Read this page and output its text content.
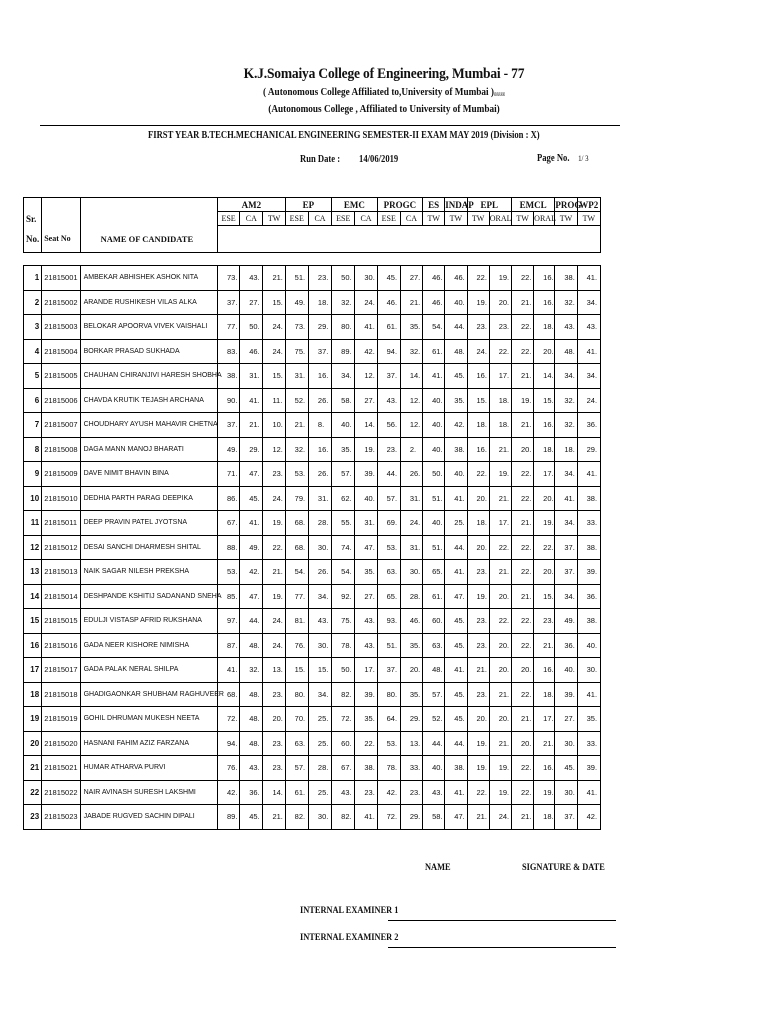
K.J.Somaiya College of Engineering, Mumbai - 77
( Autonomous College Affiliated to,University of Mumbai )ggggg
(Autonomous College , Affiliated to University of Mumbai)
FIRST YEAR B.TECH.MECHANICAL ENGINEERING SEMESTER-II EXAM MAY 2019 (Division : X)
Run Date : 14/06/2019	Page No. 1/ 3
			AM2			EP		EMC		PROGC		ES	INDAP	EPL		EMCL		PROG	WP2
Sr.			ESE	CA	TW	ESE	CA	ESE	CA	ESE	CA	TW	TW	TW	ORAL	TW	ORAL	TW	TW
No.	Seat No	NAME OF CANDIDATE																	

1	21815001	AMBEKAR ABHISHEK ASHOK NITA	73.	43.	21.	51.	23.	50.	30.	45.	27.	46.	46.	22.	19.	22.	16.	38.	41.
2	21815002	ARANDE RUSHIKESH VILAS ALKA	37.	27.	15.	49.	18.	32.	24.	46.	21.	46.	40.	19.	20.	21.	16.	32.	34.
3	21815003	BELOKAR APOORVA VIVEK VAISHALI	77.	50.	24.	73.	29.	80.	41.	61.	35.	54.	44.	23.	23.	22.	18.	43.	43.
4	21815004	BORKAR PRASAD SUKHADA	83.	46.	24.	75.	37.	89.	42.	94.	32.	61.	48.	24.	22.	22.	20.	48.	41.
5	21815005	CHAUHAN CHIRANJIVI HARESH SHOBHA	38.	31.	15.	31.	16.	34.	12.	37.	14.	41.	45.	16.	17.	21.	14.	34.	34.
6	21815006	CHAVDA KRUTIK TEJASH ARCHANA	90.	41.	11.	52.	26.	58.	27.	43.	12.	40.	35.	15.	18.	19.	15.	32.	24.
7	21815007	CHOUDHARY AYUSH MAHAVIR CHETNA	37.	21.	10.	21.	8.	40.	14.	56.	12.	40.	42.	18.	18.	21.	16.	32.	36.
8	21815008	DAGA MANN MANOJ BHARATI	49.	29.	12.	32.	16.	35.	19.	23.	2.	40.	38.	16.	21.	20.	18.	18.	29.
9	21815009	DAVE NIMIT BHAVIN BINA	71.	47.	23.	53.	26.	57.	39.	44.	26.	50.	40.	22.	19.	22.	17.	34.	41.
10	21815010	DEDHIA PARTH PARAG DEEPIKA	86.	45.	24.	79.	31.	62.	40.	57.	31.	51.	41.	20.	21.	22.	20.	41.	38.
11	21815011	DEEP PRAVIN PATEL JYOTSNA	67.	41.	19.	68.	28.	55.	31.	69.	24.	40.	25.	18.	17.	21.	19.	34.	33.
12	21815012	DESAI SANCHI DHARMESH SHITAL	88.	49.	22.	68.	30.	74.	47.	53.	31.	51.	44.	20.	22.	22.	22.	37.	38.
13	21815013	NAIK SAGAR NILESH PREKSHA	53.	42.	21.	54.	26.	54.	35.	63.	30.	65.	41.	23.	21.	22.	20.	37.	39.
14	21815014	DESHPANDE KSHITIJ SADANAND SNEHA	85.	47.	19.	77.	34.	92.	27.	65.	28.	61.	47.	19.	20.	21.	15.	34.	36.
15	21815015	EDULJI VISTASP AFRID RUKSHANA	97.	44.	24.	81.	43.	75.	43.	93.	46.	60.	45.	23.	22.	22.	23.	49.	38.
16	21815016	GADA NEER KISHORE NIMISHA	87.	48.	24.	76.	30.	78.	43.	51.	35.	63.	45.	23.	20.	22.	21.	36.	40.
17	21815017	GADA PALAK NERAL SHILPA	41.	32.	13.	15.	15.	50.	17.	37.	20.	48.	41.	21.	20.	20.	16.	40.	30.
18	21815018	GHADIGAONKAR SHUBHAM RAGHUVEER	68.	48.	23.	80.	34.	82.	39.	80.	35.	57.	45.	23.	21.	22.	18.	39.	41.
19	21815019	GOHIL DHRUMAN MUKESH NEETA	72.	48.	20.	70.	25.	72.	35.	64.	29.	52.	45.	20.	20.	21.	17.	27.	35.
20	21815020	HASNANI FAHIM AZIZ FARZANA	94.	48.	23.	63.	25.	60.	22.	53.	13.	44.	44.	19.	21.	20.	21.	30.	33.
21	21815021	HUMAR ATHARVA PURVI	76.	43.	23.	57.	28.	67.	38.	78.	33.	40.	38.	19.	19.	22.	16.	45.	39.
22	21815022	NAIR AVINASH SURESH LAKSHMI	42.	36.	14.	61.	25.	43.	23.	42.	23.	43.	41.	22.	19.	22.	19.	30.	41.
23	21815023	JABADE RUGVED SACHIN DIPALI	89.	45.	21.	82.	30.	82.	41.	72.	29.	58.	47.	21.	24.	21.	18.	37.	42.
NAME	SIGNATURE & DATE
INTERNAL EXAMINER 1
INTERNAL EXAMINER 2
